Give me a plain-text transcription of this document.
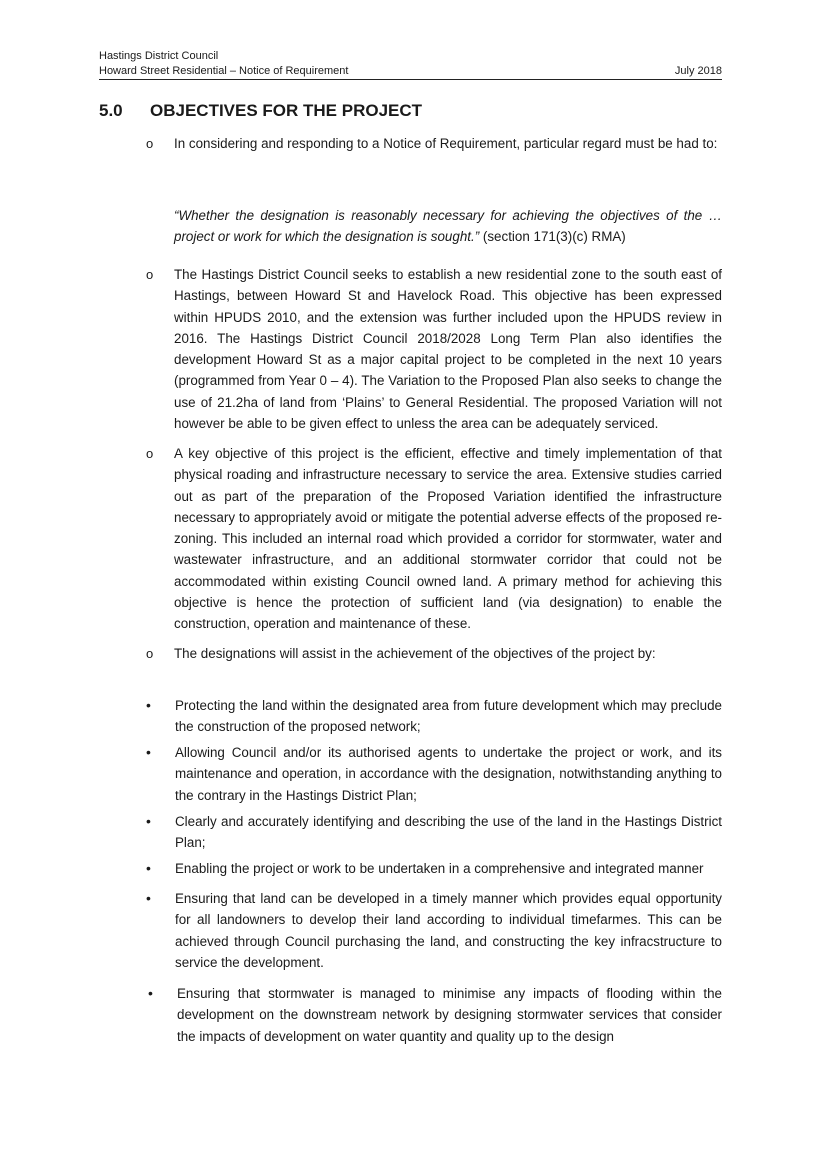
Hastings District Council
Howard Street Residential – Notice of Requirement	July 2018
5.0 OBJECTIVES FOR THE PROJECT
o In considering and responding to a Notice of Requirement, particular regard must be had to:
“Whether the designation is reasonably necessary for achieving the objectives of the … project or work for which the designation is sought.” (section 171(3)(c) RMA)
o The Hastings District Council seeks to establish a new residential zone to the south east of Hastings, between Howard St and Havelock Road. This objective has been expressed within HPUDS 2010, and the extension was further included upon the HPUDS review in 2016. The Hastings District Council 2018/2028 Long Term Plan also identifies the development Howard St as a major capital project to be completed in the next 10 years (programmed from Year 0 – 4). The Variation to the Proposed Plan also seeks to change the use of 21.2ha of land from ‘Plains’ to General Residential. The proposed Variation will not however be able to be given effect to unless the area can be adequately serviced.
o A key objective of this project is the efficient, effective and timely implementation of that physical roading and infrastructure necessary to service the area. Extensive studies carried out as part of the preparation of the Proposed Variation identified the infrastructure necessary to appropriately avoid or mitigate the potential adverse effects of the proposed re-zoning. This included an internal road which provided a corridor for stormwater, water and wastewater infrastructure, and an additional stormwater corridor that could not be accommodated within existing Council owned land. A primary method for achieving this objective is hence the protection of sufficient land (via designation) to enable the construction, operation and maintenance of these.
o The designations will assist in the achievement of the objectives of the project by:
• Protecting the land within the designated area from future development which may preclude the construction of the proposed network;
• Allowing Council and/or its authorised agents to undertake the project or work, and its maintenance and operation, in accordance with the designation, notwithstanding anything to the contrary in the Hastings District Plan;
• Clearly and accurately identifying and describing the use of the land in the Hastings District Plan;
• Enabling the project or work to be undertaken in a comprehensive and integrated manner
• Ensuring that land can be developed in a timely manner which provides equal opportunity for all landowners to develop their land according to individual timefarmes. This can be achieved through Council purchasing the land, and constructing the key infracstructure to service the development.
• Ensuring that stormwater is managed to minimise any impacts of flooding within the development on the downstream network by designing stormwater services that consider the impacts of development on water quantity and quality up to the design
